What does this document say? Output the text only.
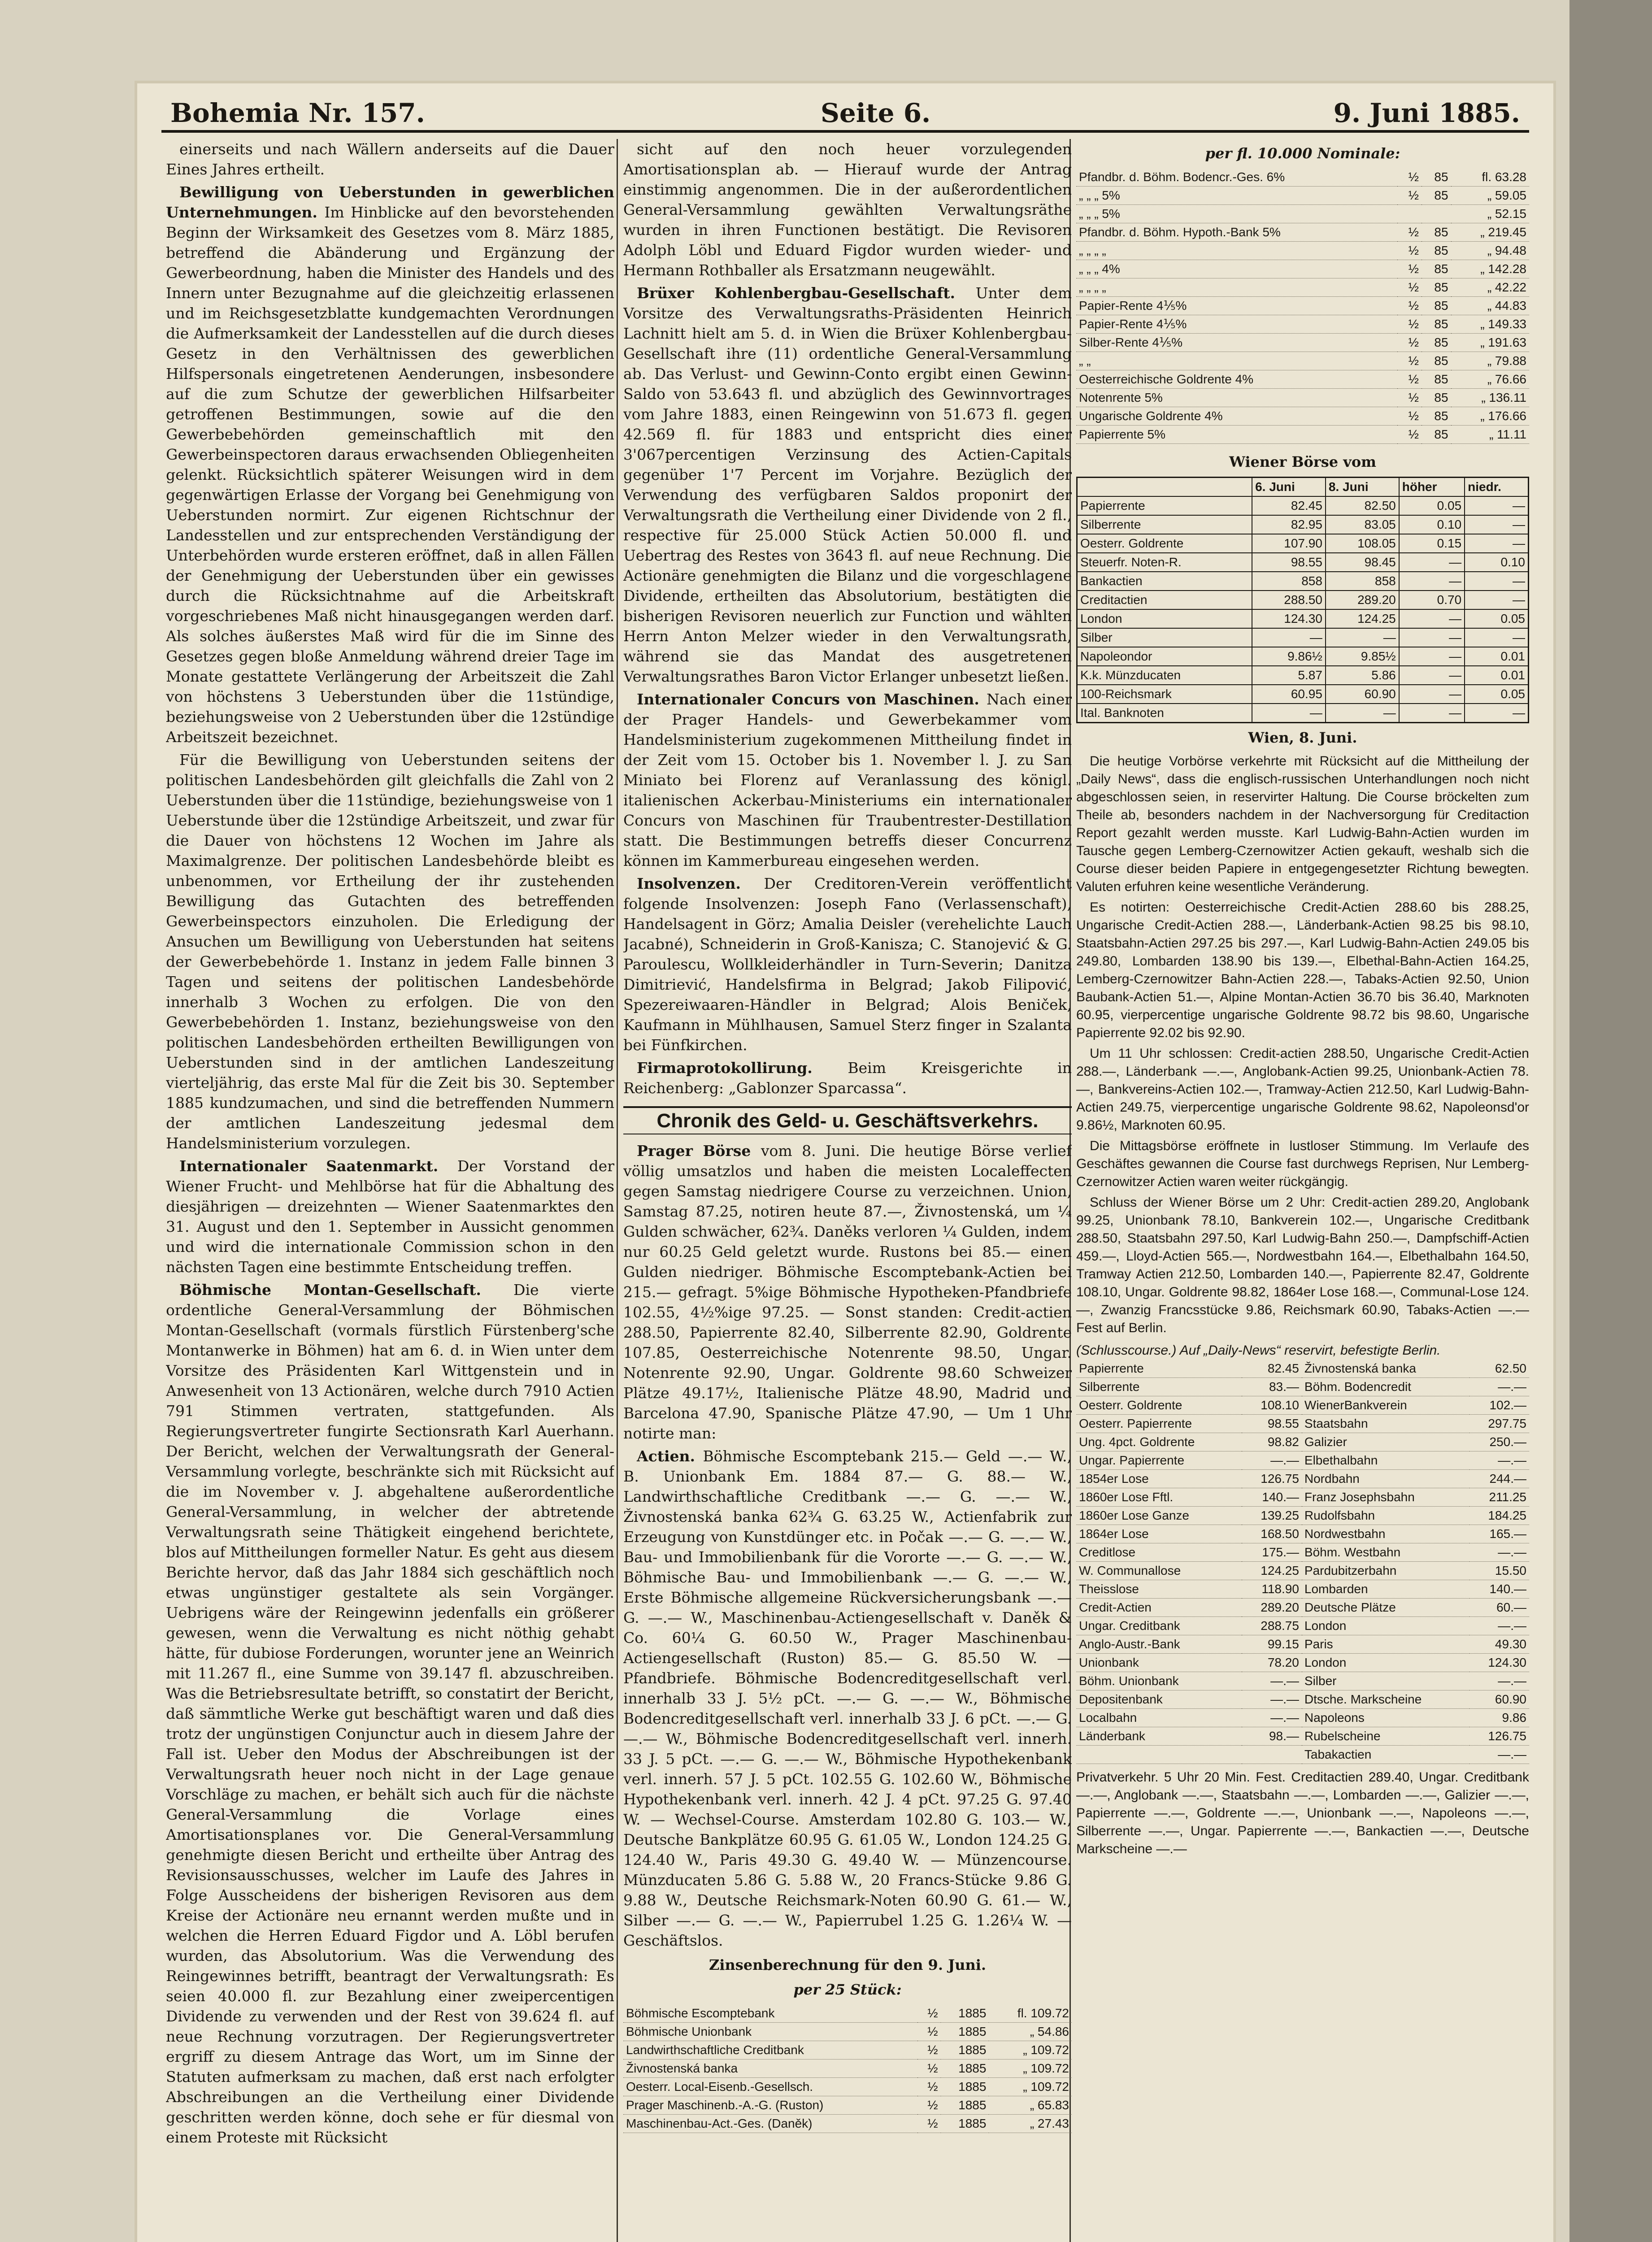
Bohemia Nr. 157.	Seite 6.	9. Juni 1885.

einerseits und nach Wällern anderseits auf die Dauer Eines Jahres ertheilt.

Bewilligung von Ueberstunden in gewerblichen Unternehmungen. Im Hinblicke auf den bevorstehenden Beginn der Wirksamkeit des Gesetzes vom 8. März 1885, betreffend die Abänderung und Ergänzung der Gewerbeordnung, haben die Minister des Handels und des Innern unter Bezugnahme auf die gleichzeitig erlassenen und im Reichsgesetzblatte kundgemachten Verordnungen die Aufmerksamkeit der Landesstellen auf die durch dieses Gesetz in den Verhältnissen des gewerblichen Hilfspersonals eingetretenen Aenderungen, insbesondere auf die zum Schutze der gewerblichen Hilfsarbeiter getroffenen Bestimmungen, sowie auf die den Gewerbebehörden gemeinschaftlich mit den Gewerbeinspectoren daraus erwachsenden Obliegenheiten gelenkt. Rücksichtlich späterer Weisungen wird in dem gegenwärtigen Erlasse der Vorgang bei Genehmigung von Ueberstunden normirt. Zur eigenen Richtschnur der Landesstellen und zur entsprechenden Verständigung der Unterbehörden wurde ersteren eröffnet, daß in allen Fällen der Genehmigung der Ueberstunden über ein gewisses durch die Rücksichtnahme auf die Arbeitskraft vorgeschriebenes Maß nicht hinausgegangen werden darf. Als solches äußerstes Maß wird für die im Sinne des Gesetzes gegen bloße Anmeldung während dreier Tage im Monate gestattete Verlängerung der Arbeitszeit die Zahl von höchstens 3 Ueberstunden über die 11stündige, beziehungsweise von 2 Ueberstunden über die 12stündige Arbeitszeit bezeichnet.

Für die Bewilligung von Ueberstunden seitens der politischen Landesbehörden gilt gleichfalls die Zahl von 2 Ueberstunden über die 11stündige, beziehungsweise von 1 Ueberstunde über die 12stündige Arbeitszeit, und zwar für die Dauer von höchstens 12 Wochen im Jahre als Maximalgrenze. Der politischen Landesbehörde bleibt es unbenommen, vor Ertheilung der ihr zustehenden Bewilligung das Gutachten des betreffenden Gewerbeinspectors einzuholen. Die Erledigung der Ansuchen um Bewilligung von Ueberstunden hat seitens der Gewerbebehörde 1. Instanz in jedem Falle binnen 3 Tagen und seitens der politischen Landesbehörde innerhalb 3 Wochen zu erfolgen. Die von den Gewerbebehörden 1. Instanz, beziehungsweise von den politischen Landesbehörden ertheilten Bewilligungen von Ueberstunden sind in der amtlichen Landeszeitung vierteljährig, das erste Mal für die Zeit bis 30. September 1885 kundzumachen, und sind die betreffenden Nummern der amtlichen Landeszeitung jedesmal dem Handelsministerium vorzulegen.

Internationaler Saatenmarkt. Der Vorstand der Wiener Frucht- und Mehlbörse hat für die Abhaltung des diesjährigen — dreizehnten — Wiener Saatenmarktes den 31. August und den 1. September in Aussicht genommen und wird die internationale Commission schon in den nächsten Tagen eine bestimmte Entscheidung treffen.

Böhmische Montan-Gesellschaft. Die vierte ordentliche General-Versammlung der Böhmischen Montan-Gesellschaft (vormals fürstlich Fürstenberg'sche Montanwerke in Böhmen) hat am 6. d. in Wien unter dem Vorsitze des Präsidenten Karl Wittgenstein und in Anwesenheit von 13 Actionären, welche durch 7910 Actien 791 Stimmen vertraten, stattgefunden. Als Regierungsvertreter fungirte Sectionsrath Karl Auerhann. Der Bericht, welchen der Verwaltungsrath der General-Versammlung vorlegte, beschränkte sich mit Rücksicht auf die im November v. J. abgehaltene außerordentliche General-Versammlung, in welcher der abtretende Verwaltungsrath seine Thätigkeit eingehend berichtete, blos auf Mittheilungen formeller Natur. Es geht aus diesem Berichte hervor, daß das Jahr 1884 sich geschäftlich noch etwas ungünstiger gestaltete als sein Vorgänger. Uebrigens wäre der Reingewinn jedenfalls ein größerer gewesen, wenn die Verwaltung es nicht nöthig gehabt hätte, für dubiose Forderungen, worunter jene an Weinrich mit 11.267 fl., eine Summe von 39.147 fl. abzuschreiben. Was die Betriebsresultate betrifft, so constatirt der Bericht, daß sämmtliche Werke gut beschäftigt waren und daß dies trotz der ungünstigen Conjunctur auch in diesem Jahre der Fall ist. Ueber den Modus der Abschreibungen ist der Verwaltungsrath heuer noch nicht in der Lage genaue Vorschläge zu machen, er behält sich auch für die nächste General-Versammlung die Vorlage eines Amortisationsplanes vor. Die General-Versammlung genehmigte diesen Bericht und ertheilte über Antrag des Revisionsausschusses, welcher im Laufe des Jahres in Folge Ausscheidens der bisherigen Revisoren aus dem Kreise der Actionäre neu ernannt werden mußte und in welchen die Herren Eduard Figdor und A. Löbl berufen wurden, das Absolutorium. Was die Verwendung des Reingewinnes betrifft, beantragt der Verwaltungsrath: Es seien 40.000 fl. zur Bezahlung einer zweipercentigen Dividende zu verwenden und der Rest von 39.624 fl. auf neue Rechnung vorzutragen. Der Regierungsvertreter ergriff zu diesem Antrage das Wort, um im Sinne der Statuten aufmerksam zu machen, daß erst nach erfolgter Abschreibungen an die Vertheilung einer Dividende geschritten werden könne, doch sehe er für diesmal von einem Proteste mit Rücksicht

sicht auf den noch heuer vorzulegenden Amortisationsplan ab. — Hierauf wurde der Antrag einstimmig angenommen. Die in der außerordentlichen General-Versammlung gewählten Verwaltungsräthe wurden in ihren Functionen bestätigt. Die Revisoren Adolph Löbl und Eduard Figdor wurden wieder- und Hermann Rothballer als Ersatzmann neugewählt.

Brüxer Kohlenbergbau-Gesellschaft. Unter dem Vorsitze des Verwaltungsraths-Präsidenten Heinrich Lachnitt hielt am 5. d. in Wien die Brüxer Kohlenbergbau-Gesellschaft ihre (11) ordentliche General-Versammlung ab. Das Verlust- und Gewinn-Conto ergibt einen Gewinn-Saldo von 53.643 fl. und abzüglich des Gewinnvortrages vom Jahre 1883, einen Reingewinn von 51.673 fl. gegen 42.569 fl. für 1883 und entspricht dies einer 3'067percentigen Verzinsung des Actien-Capitals gegenüber 1'7 Percent im Vorjahre. Bezüglich der Verwendung des verfügbaren Saldos proponirt der Verwaltungsrath die Vertheilung einer Dividende von 2 fl., respective für 25.000 Stück Actien 50.000 fl. und Uebertrag des Restes von 3643 fl. auf neue Rechnung. Die Actionäre genehmigten die Bilanz und die vorgeschlagene Dividende, ertheilten das Absolutorium, bestätigten die bisherigen Revisoren neuerlich zur Function und wählten Herrn Anton Melzer wieder in den Verwaltungsrath, während sie das Mandat des ausgetretenen Verwaltungsrathes Baron Victor Erlanger unbesetzt ließen.

Internationaler Concurs von Maschinen. Nach einer der Prager Handels- und Gewerbekammer vom Handelsministerium zugekommenen Mittheilung findet in der Zeit vom 15. October bis 1. November l. J. zu San Miniato bei Florenz auf Veranlassung des königl. italienischen Ackerbau-Ministeriums ein internationaler Concurs von Maschinen für Traubentrester-Destillation statt. Die Bestimmungen betreffs dieser Concurrenz können im Kammerbureau eingesehen werden.

Insolvenzen. Der Creditoren-Verein veröffentlicht folgende Insolvenzen: Joseph Fano (Verlassenschaft), Handelsagent in Görz; Amalia Deisler (verehelichte Lauch Jacabné), Schneiderin in Groß-Kanisza; C. Stanojević & G. Paroulescu, Wollkleiderhändler in Turn-Severin; Danitza Dimitriević, Handelsfirma in Belgrad; Jakob Filipović, Spezereiwaaren-Händler in Belgrad; Alois Beniček, Kaufmann in Mühlhausen, Samuel Sterz finger in Szalanta bei Fünfkirchen.

Firmaprotokollirung. Beim Kreisgerichte in Reichenberg: „Gablonzer Sparcassa“.

Chronik des Geld- u. Geschäftsverkehrs.

Prager Börse vom 8. Juni. Die heutige Börse verlief völlig umsatzlos und haben die meisten Localeffecten gegen Samstag niedrigere Course zu verzeichnen. Union, Samstag 87.25, notiren heute 87.—, Živnostenská, um ¼ Gulden schwächer, 62¾. Daněks verloren ¼ Gulden, indem nur 60.25 Geld geletzt wurde. Rustons bei 85.— einen Gulden niedriger. Böhmische Escomptebank-Actien bei 215.— gefragt. 5%ige Böhmische Hypotheken-Pfandbriefe 102.55, 4½%ige 97.25. — Sonst standen: Credit-actien 288.50, Papierrente 82.40, Silberrente 82.90, Goldrente 107.85, Oesterreichische Notenrente 98.50, Ungar. Notenrente 92.90, Ungar. Goldrente 98.60 Schweizer Plätze 49.17½, Italienische Plätze 48.90, Madrid und Barcelona 47.90, Spanische Plätze 47.90, — Um 1 Uhr notirte man:

Actien. Böhmische Escomptebank 215.— Geld —.— W., B. Unionbank Em. 1884 87.— G. 88.— W., Landwirthschaftliche Creditbank —.— G. —.— W., Živnostenská banka 62¾ G. 63.25 W., Actienfabrik zur Erzeugung von Kunstdünger etc. in Počak —.— G. —.— W., Bau- und Immobilienbank für die Vororte —.— G. —.— W., Böhmische Bau- und Immobilienbank —.— G. —.— W., Erste Böhmische allgemeine Rückversicherungsbank —.— G. —.— W., Maschinenbau-Actiengesellschaft v. Daněk & Co. 60¼ G. 60.50 W., Prager Maschinenbau-Actiengesellschaft (Ruston) 85.— G. 85.50 W. — Pfandbriefe. Böhmische Bodencreditgesellschaft verl. innerhalb 33 J. 5½ pCt. —.— G. —.— W., Böhmische Bodencreditgesellschaft verl. innerhalb 33 J. 6 pCt. —.— G. —.— W., Böhmische Bodencreditgesellschaft verl. innerh. 33 J. 5 pCt. —.— G. —.— W., Böhmische Hypothekenbank verl. innerh. 57 J. 5 pCt. 102.55 G. 102.60 W., Böhmische Hypothekenbank verl. innerh. 42 J. 4 pCt. 97.25 G. 97.40 W. — Wechsel-Course. Amsterdam 102.80 G. 103.— W., Deutsche Bankplätze 60.95 G. 61.05 W., London 124.25 G. 124.40 W., Paris 49.30 G. 49.40 W. — Münzencourse. Münzducaten 5.86 G. 5.88 W., 20 Francs-Stücke 9.86 G. 9.88 W., Deutsche Reichsmark-Noten 60.90 G. 61.— W., Silber —.— G. —.— W., Papierrubel 1.25 G. 1.26¼ W. — Geschäftslos.

Zinsenberechnung für den 9. Juni.
per 25 Stück:
Böhmische Escomptebank	½	1885	fl. 109.72
Böhmische Unionbank	½	1885	„ 54.86
Landwirthschaftliche Creditbank	½	1885	„ 109.72
Živnostenská banka	½	1885	„ 109.72
Oesterr. Local-Eisenb.-Gesellsch.	½	1885	„ 109.72
Prager Maschinenb.-A.-G. (Ruston)	½	1885	„ 65.83
Maschinenbau-Act.-Ges. (Daněk)	½	1885	„ 27.43
per fl. 10.000 Nominale:
Pfandbr. d. Böhm. Bodencr.-Ges. 6%	½	85	fl. 63.28
„ „ „ 5%	½	85	„ 59.05
„ „ „ 5%			„ 52.15
Pfandbr. d. Böhm. Hypoth.-Bank 5%	½	85	„ 219.45
„ „ „ „	½	85	„ 94.48
„ „ „ 4%	½	85	„ 142.28
„ „ „ „	½	85	„ 42.22
Papier-Rente 4⅕%	½	85	„ 44.83
Papier-Rente 4⅕%	½	85	„ 149.33
Silber-Rente 4⅕%	½	85	„ 191.63
„ „	½	85	„ 79.88
Oesterreichische Goldrente 4%	½	85	„ 76.66
Notenrente 5%	½	85	„ 136.11
Ungarische Goldrente 4%	½	85	„ 176.66
Papierrente 5%	½	85	„ 11.11
Wiener Börse vom
	6. Juni	8. Juni	höher	niedr.
Papierrente	82.45	82.50	0.05	—
Silberrente	82.95	83.05	0.10	—
Oesterr. Goldrente	107.90	108.05	0.15	—
Steuerfr. Noten-R.	98.55	98.45	—	0.10
Bankactien	858	858	—	—
Creditactien	288.50	289.20	0.70	—
London	124.30	124.25	—	0.05
Silber	—	—	—	—
Napoleondor	9.86½	9.85½	—	0.01
K.k. Münzducaten	5.87	5.86	—	0.01
100-Reichsmark	60.95	60.90	—	0.05
Ital. Banknoten	—	—	—	—
Wien, 8. Juni.

Die heutige Vorbörse verkehrte mit Rücksicht auf die Mittheilung der „Daily News“, dass die englisch-russischen Unterhandlungen noch nicht abgeschlossen seien, in reservirter Haltung. Die Course bröckelten zum Theile ab, besonders nachdem in der Nachversorgung für Creditaction Report gezahlt werden musste. Karl Ludwig-Bahn-Actien wurden im Tausche gegen Lemberg-Czernowitzer Actien gekauft, weshalb sich die Course dieser beiden Papiere in entgegengesetzter Richtung bewegten. Valuten erfuhren keine wesentliche Veränderung.

Es notirten: Oesterreichische Credit-Actien 288.60 bis 288.25, Ungarische Credit-Actien 288.—, Länderbank-Actien 98.25 bis 98.10, Staatsbahn-Actien 297.25 bis 297.—, Karl Ludwig-Bahn-Actien 249.05 bis 249.80, Lombarden 138.90 bis 139.—, Elbethal-Bahn-Actien 164.25, Lemberg-Czernowitzer Bahn-Actien 228.—, Tabaks-Actien 92.50, Union Baubank-Actien 51.—, Alpine Montan-Actien 36.70 bis 36.40, Marknoten 60.95, vierpercentige ungarische Goldrente 98.72 bis 98.60, Ungarische Papierrente 92.02 bis 92.90.

Um 11 Uhr schlossen: Credit-actien 288.50, Ungarische Credit-Actien 288.—, Länderbank —.—, Anglobank-Actien 99.25, Unionbank-Actien 78.—, Bankvereins-Actien 102.—, Tramway-Actien 212.50, Karl Ludwig-Bahn-Actien 249.75, vierpercentige ungarische Goldrente 98.62, Napoleonsd'or 9.86½, Marknoten 60.95.

Die Mittagsbörse eröffnete in lustloser Stimmung. Im Verlaufe des Geschäftes gewannen die Course fast durchwegs Reprisen, Nur Lemberg-Czernowitzer Actien waren weiter rückgängig.

Schluss der Wiener Börse um 2 Uhr: Credit-actien 289.20, Anglobank 99.25, Unionbank 78.10, Bankverein 102.—, Ungarische Creditbank 288.50, Staatsbahn 297.50, Karl Ludwig-Bahn 250.—, Dampfschiff-Actien 459.—, Lloyd-Actien 565.—, Nordwestbahn 164.—, Elbethalbahn 164.50, Tramway Actien 212.50, Lombarden 140.—, Papierrente 82.47, Goldrente 108.10, Ungar. Goldrente 98.82, 1864er Lose 168.—, Communal-Lose 124.—, Zwanzig Francsstücke 9.86, Reichsmark 60.90, Tabaks-Actien —.— Fest auf Berlin.

(Schlusscourse.) Auf „Daily-News“ reservirt, befestigte Berlin.
Papierrente	82.45	Živnostenská banka	62.50
Silberrente	83.—	Böhm. Bodencredit	—.—
Oesterr. Goldrente	108.10	WienerBankverein	102.—
Oesterr. Papierrente	98.55	Staatsbahn	297.75
Ung. 4pct. Goldrente	98.82	Galizier	250.—
Ungar. Papierrente	—.—	Elbethalbahn	—.—
1854er Lose	126.75	Nordbahn	244.—
1860er Lose Fftl.	140.—	Franz Josephsbahn	211.25
1860er Lose Ganze	139.25	Rudolfsbahn	184.25
1864er Lose	168.50	Nordwestbahn	165.—
Creditlose	175.—	Böhm. Westbahn	—.—
W. Communallose	124.25	Pardubitzerbahn	15.50
Theisslose	118.90	Lombarden	140.—
Credit-Actien	289.20	Deutsche Plätze	60.—
Ungar. Creditbank	288.75	London	—.—
Anglo-Austr.-Bank	99.15	Paris	49.30
Unionbank	78.20	London	124.30
Böhm. Unionbank	—.—	Silber	—.—
Depositenbank	—.—	Dtsche. Markscheine	60.90
Localbahn	—.—	Napoleons	9.86
Länderbank	98.—	Rubelscheine	126.75
		Tabakactien	—.—
Privatverkehr. 5 Uhr 20 Min. Fest. Creditactien 289.40, Ungar. Creditbank —.—, Anglobank —.—, Staatsbahn —.—, Lombarden —.—, Galizier —.—, Papierrente —.—, Goldrente —.—, Unionbank —.—, Napoleons —.—, Silberrente —.—, Ungar. Papierrente —.—, Bankactien —.—, Deutsche Markscheine —.—
